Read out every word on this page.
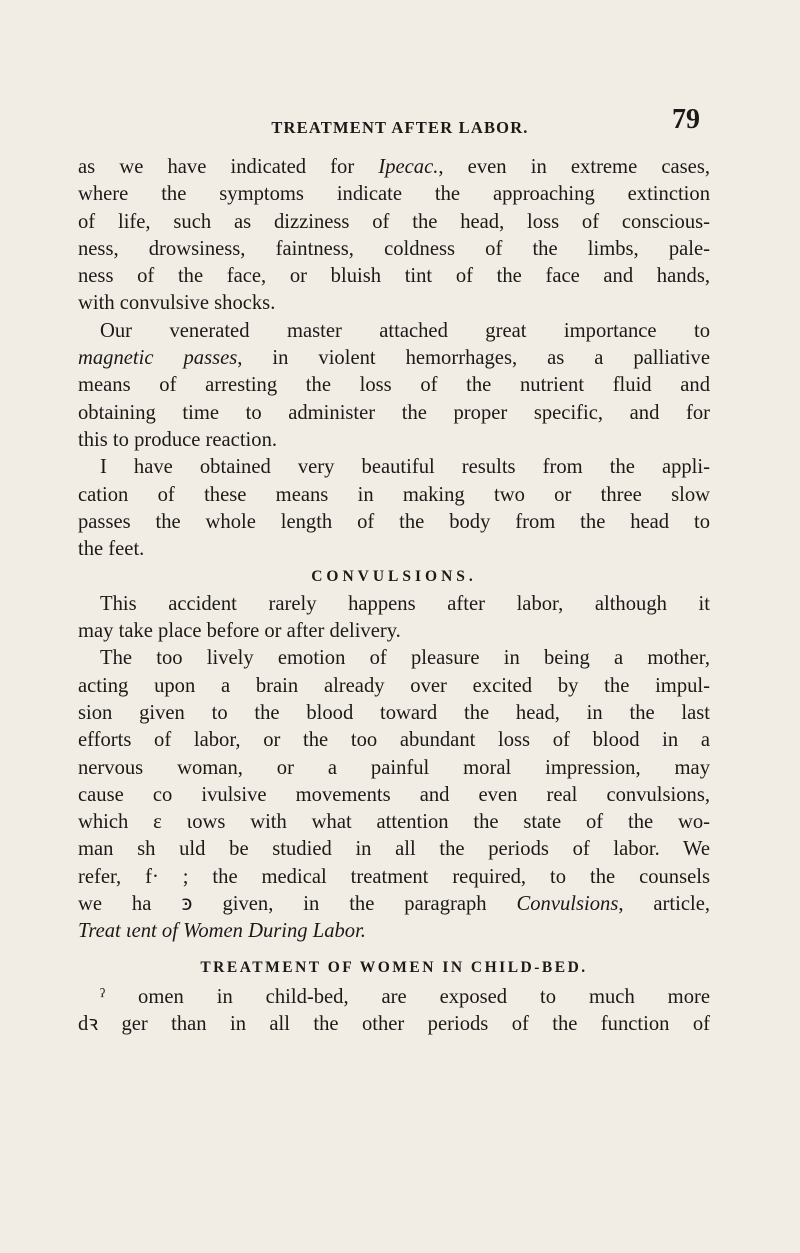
TREATMENT AFTER LABOR.	79
as we have indicated for Ipecac., even in extreme cases,
where the symptoms indicate the approaching extinction
of life, such as dizziness of the head, loss of conscious-
ness, drowsiness, faintness, coldness of the limbs, pale-
ness of the face, or bluish tint of the face and hands,
with convulsive shocks.
Our venerated master attached great importance to
magnetic passes, in violent hemorrhages, as a palliative
means of arresting the loss of the nutrient fluid and
obtaining time to administer the proper specific, and for
this to produce reaction.
I have obtained very beautiful results from the appli-
cation of these means in making two or three slow
passes the whole length of the body from the head to
the feet.
CONVULSIONS.
This accident rarely happens after labor, although it
may take place before or after delivery.
The too lively emotion of pleasure in being a mother,
acting upon a brain already over excited by the impul-
sion given to the blood toward the head, in the last
efforts of labor, or the too abundant loss of blood in a
nervous woman, or a painful moral impression, may
cause co ivulsive movements and even real convulsions,
which ε ιows with what attention the state of the wo-
man sh uld be studied in all the periods of labor. We
refer, f· ; the medical treatment required, to the counsels
we ha ꜿ given, in the paragraph Convulsions, article,
Treat ιent of Women During Labor.
TREATMENT OF WOMEN IN CHILD-BED.
ˀ omen in child-bed, are exposed to much more
dꝛ ger than in all the other periods of the function of
